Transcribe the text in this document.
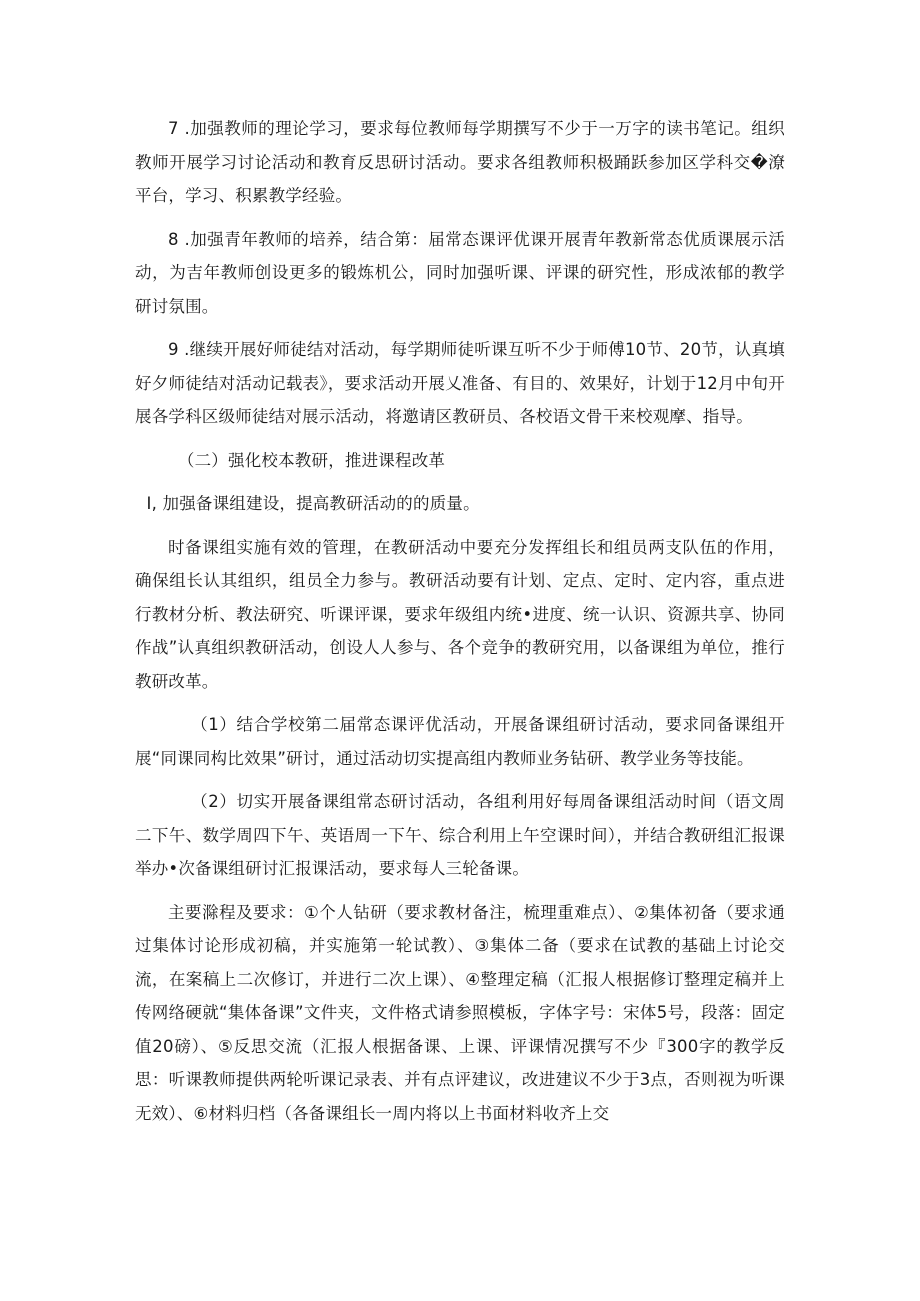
7 .加强教师的理论学习，要求每位教师每学期撰写不少于一万字的读书笔记。组织教师开展学习讨论活动和教育反思研讨活动。要求各组教师积极踊跃参加区学科交�潦平台，学习、积累教学经验。

8 .加强青年教师的培养，结合第：届常态课评优课开展青年教新常态优质课展示活动，为吉年教师创设更多的锻炼机公，同时加强听课、评课的研究性，形成浓郁的教学研讨氛围。

9 .继续开展好师徒结对活动，每学期师徒听课互听不少于师傅10节、20节，认真填好夕师徒结对活动记载表》，要求活动开展乂准备、有目的、效果好，计划于12月中旬开展各学科区级师徒结对展示活动，将邀请区教研员、各校语文骨干来校观摩、指导。

（二）强化校本教研，推进课程改革

I, 加强备课组建设，提高教研活动的的质量。

时备课组实施有效的管理，在教研活动中要充分发挥组长和组员两支队伍的作用，确保组长认其组织，组员全力参与。教研活动要有计划、定点、定时、定内容，重点进行教材分析、教法研究、听课评课，要求年级组内统•进度、统一认识、资源共享、协同作战”认真组织教研活动，创设人人参与、各个竞争的教研究用，以备课组为单位，推行教研改革。

（1）结合学校第二届常态课评优活动，开展备课组研讨活动，要求同备课组开展“同课同构比效果”研讨，通过活动切实提高组内教师业务钻研、教学业务等技能。

（2）切实开展备课组常态研讨活动，各组利用好每周备课组活动时间（语文周二下午、数学周四下午、英语周一下午、综合利用上午空课时间），并结合教研组汇报课举办•次备课组研讨汇报课活动，要求每人三轮备课。

主要滁程及要求：①个人钻研（要求教材备注，梳理重难点）、②集体初备（要求通过集体讨论形成初稿，并实施第一轮试教）、③集体二备（要求在试教的基础上讨论交流，在案稿上二次修订，并进行二次上课）、④整理定稿（汇报人根据修订整理定稿并上传网络硬就“集体备课”文件夹，文件格式请参照模板，字体字号：宋体5号，段落：固定值20磅）、⑤反思交流（汇报人根据备课、上课、评课情况撰写不少『300字的教学反思：听课教师提供两轮听课记录表、并有点评建议，改进建议不少于3点，否则视为听课无效）、⑥材料归档（各备课组长一周内将以上书面材料收齐上交
